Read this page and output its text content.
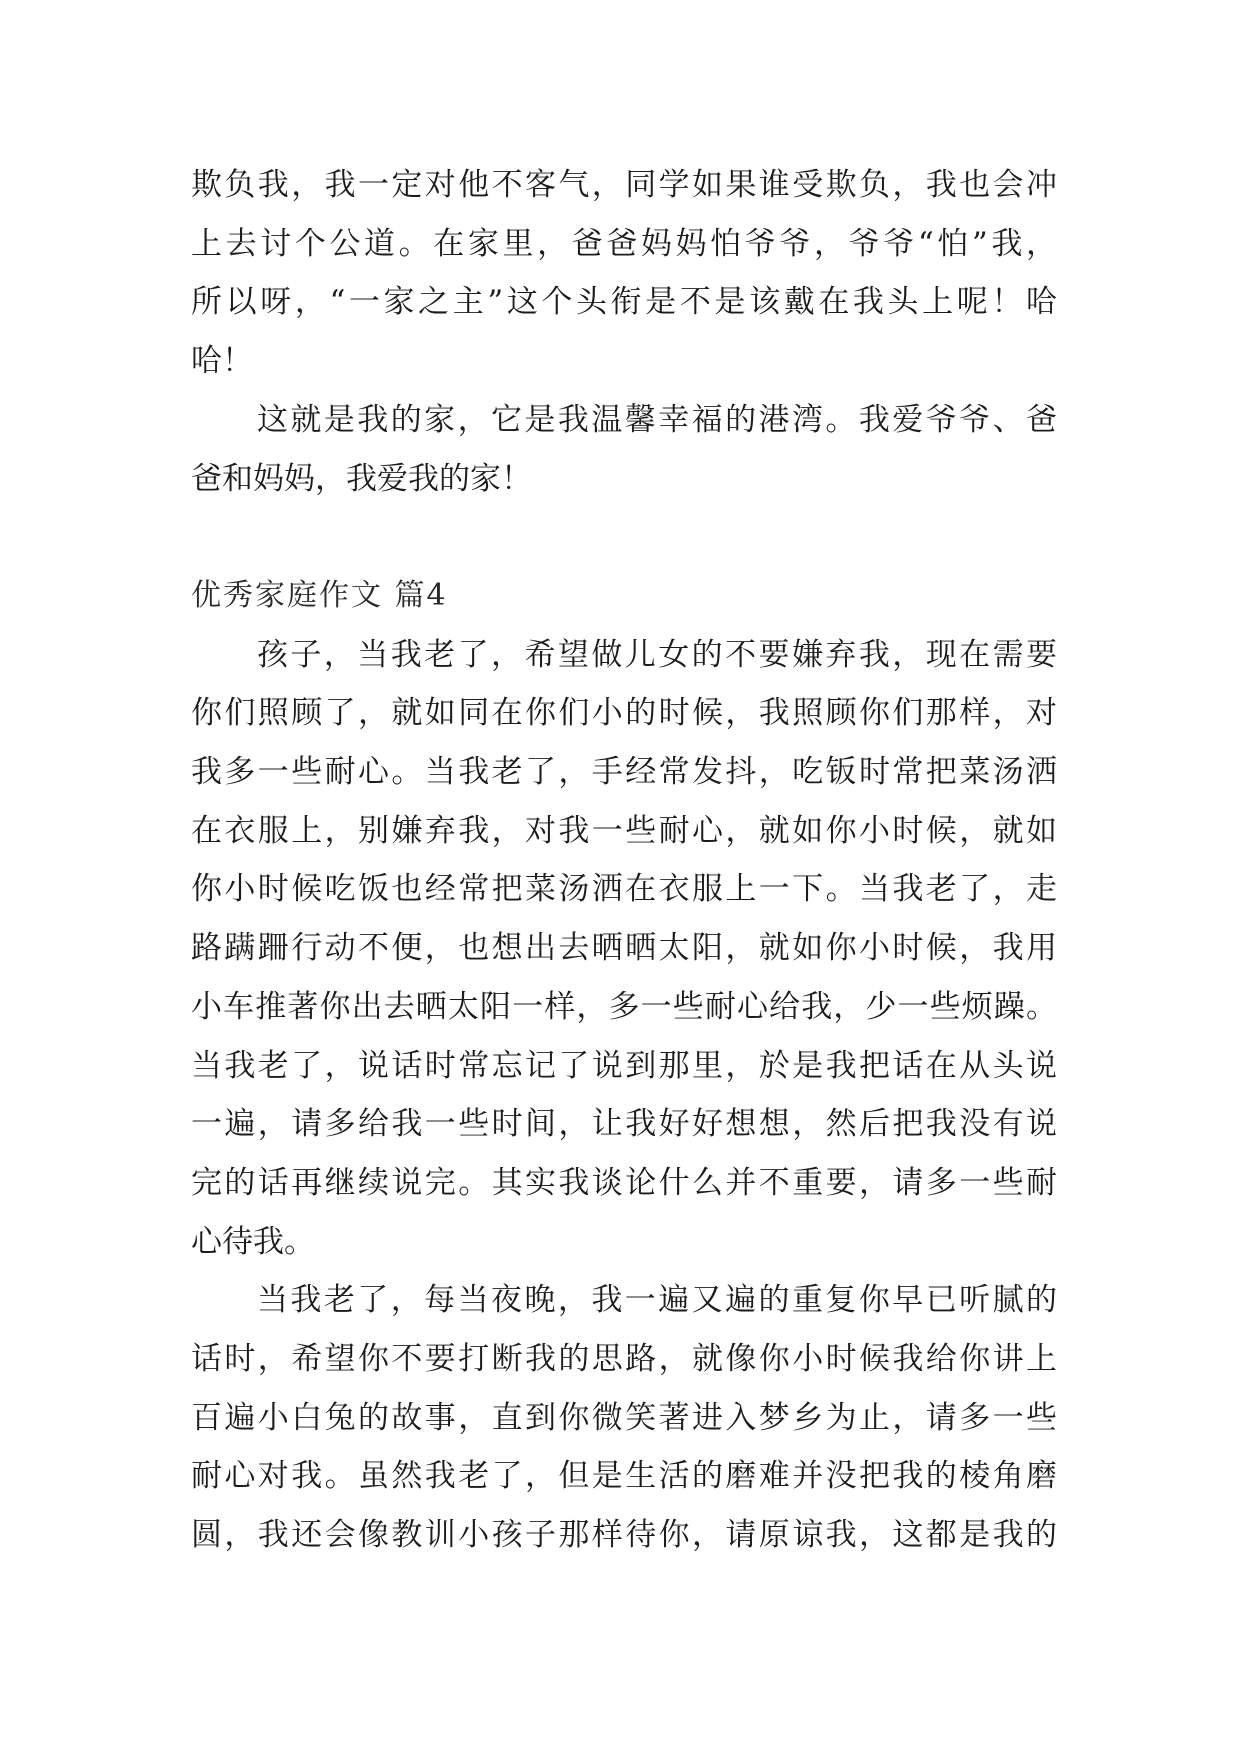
欺负我，我一定对他不客气，同学如果谁受欺负，我也会冲
上去讨个公道。在家里，爸爸妈妈怕爷爷，爷爷“怕”我，
所以呀，“一家之主”这个头衔是不是该戴在我头上呢！哈
哈！
这就是我的家，它是我温馨幸福的港湾。我爱爷爷、爸
爸和妈妈，我爱我的家！
优秀家庭作文 篇4
孩子，当我老了，希望做儿女的不要嫌弃我，现在需要
你们照顾了，就如同在你们小的时候，我照顾你们那样，对
我多一些耐心。当我老了，手经常发抖，吃钣时常把菜汤洒
在衣服上，别嫌弃我，对我一些耐心，就如你小时候，就如
你小时候吃饭也经常把菜汤洒在衣服上一下。当我老了，走
路蹒跚行动不便，也想出去晒晒太阳，就如你小时候，我用
小车推著你出去晒太阳一样，多一些耐心给我，少一些烦躁。
当我老了，说话时常忘记了说到那里，於是我把话在从头说
一遍，请多给我一些时间，让我好好想想，然后把我没有说
完的话再继续说完。其实我谈论什么并不重要，请多一些耐
心待我。
当我老了，每当夜晚，我一遍又遍的重复你早已听腻的
话时，希望你不要打断我的思路，就像你小时候我给你讲上
百遍小白兔的故事，直到你微笑著进入梦乡为止，请多一些
耐心对我。虽然我老了，但是生活的磨难并没把我的棱角磨
圆，我还会像教训小孩子那样待你，请原谅我，这都是我的
